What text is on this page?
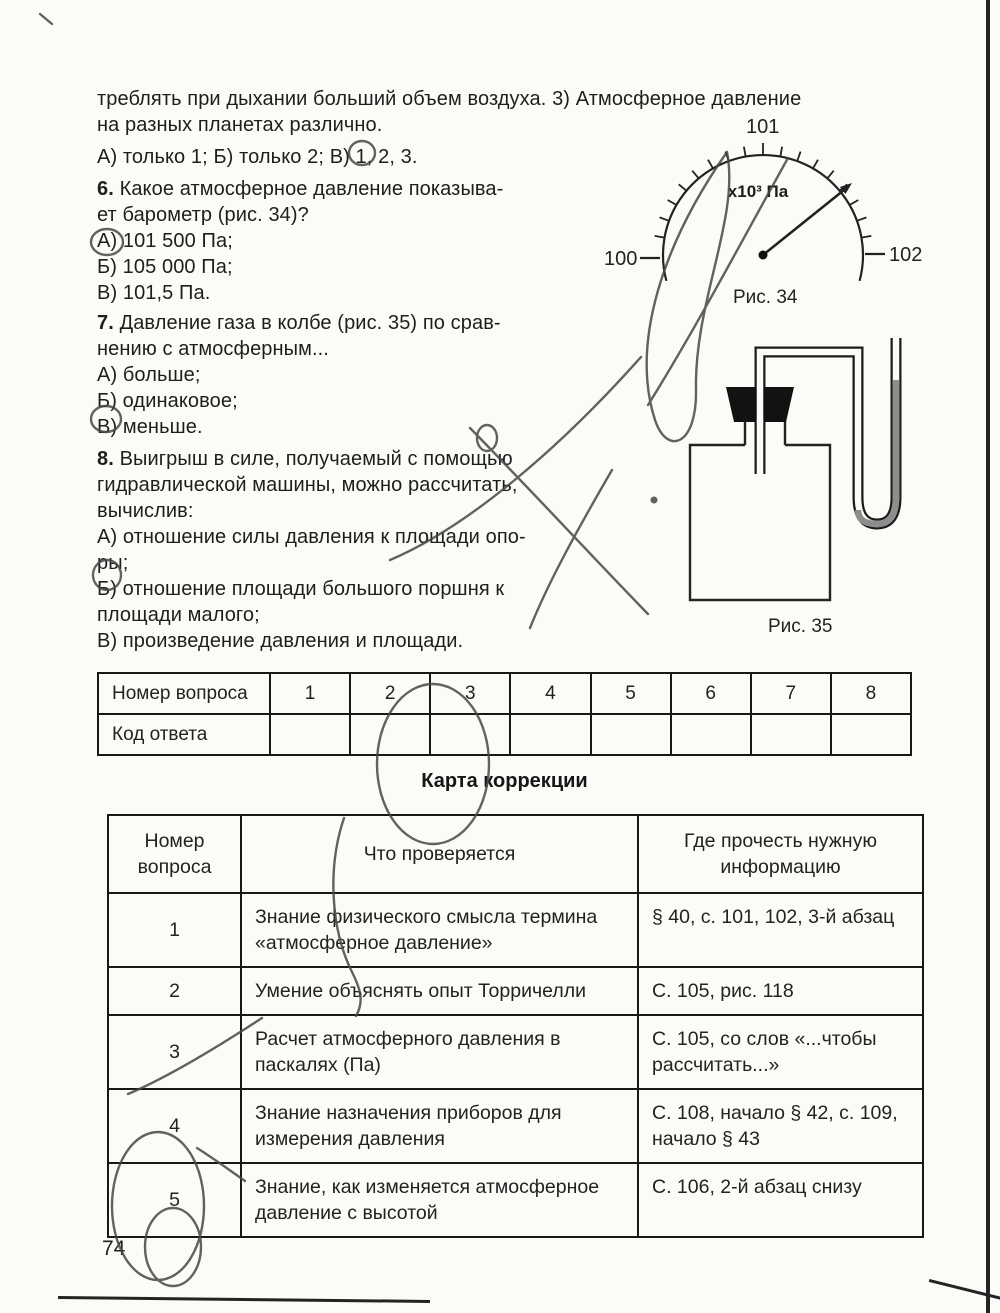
треблять при дыхании больший объем воздуха. 3) Атмосферное давление
на разных планетах различно.
А) только 1; Б) только 2; В) 1, 2, 3.
6. Какое атмосферное давление показыва-
ет барометр (рис. 34)?
А) 101 500 Па;
Б) 105 000 Па;
В) 101,5 Па.
x10³ Па
101
100	102
Рис. 34
7. Давление газа в колбе (рис. 35) по срав-
нению с атмосферным...
А) больше;
Б) одинаковое;
В) меньше.
Рис. 35
8. Выигрыш в силе, получаемый с помощью
гидравлической машины, можно рассчитать,
вычислив:
А) отношение силы давления к площади опо-
ры;
Б) отношение площади большого поршня к
площади малого;
В) произведение давления и площади.
Номер вопроса	1	2	3	4	5	6	7	8
Код ответа								
Карта коррекции
Номер вопроса	Что проверяется	Где прочесть нужную информацию
1	Знание физического смысла термина «атмосферное давление»	§ 40, с. 101, 102, 3-й абзац
2	Умение объяснять опыт Торричелли	С. 105, рис. 118
3	Расчет атмосферного давления в паскалях (Па)	С. 105, со слов «...чтобы рассчитать...»
4	Знание назначения приборов для измерения давления	С. 108, начало § 42, с. 109, начало § 43
5	Знание, как изменяется атмосферное давление с высотой	С. 106, 2-й абзац снизу
74
